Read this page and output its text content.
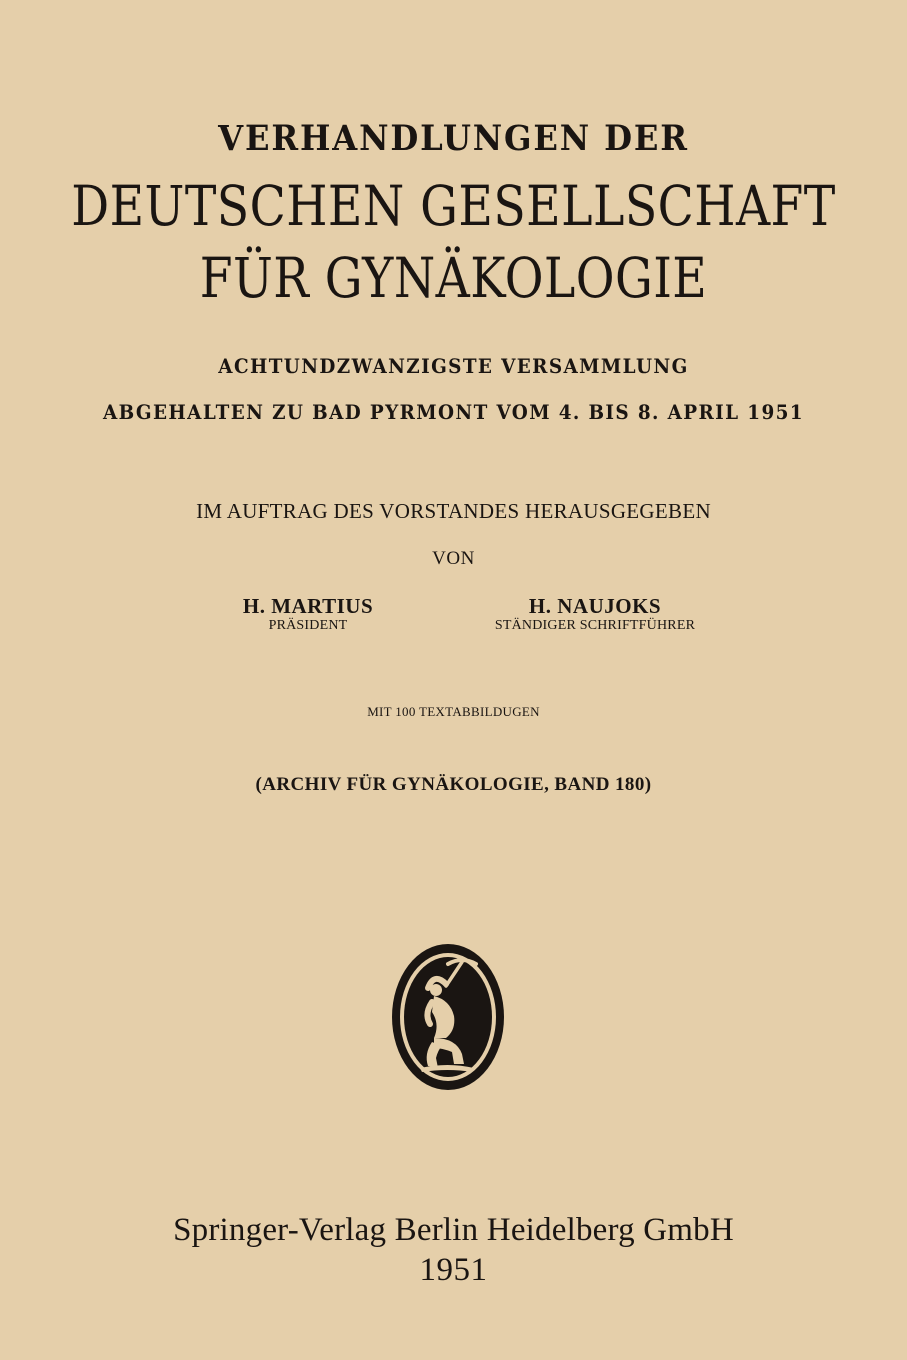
VERHANDLUNGEN DER
DEUTSCHEN GESELLSCHAFT
FÜR GYNÄKOLOGIE
ACHTUNDZWANZIGSTE VERSAMMLUNG
ABGEHALTEN ZU BAD PYRMONT VOM 4. BIS 8. APRIL 1951
IM AUFTRAG DES VORSTANDES HERAUSGEGEBEN
VON
H. MARTIUS
PRÄSIDENT
H. NAUJOKS
STÄNDIGER SCHRIFTFÜHRER
MIT 100 TEXTABBILDUGEN
(ARCHIV FÜR GYNÄKOLOGIE, BAND 180)
Springer-Verlag Berlin Heidelberg GmbH
1951
